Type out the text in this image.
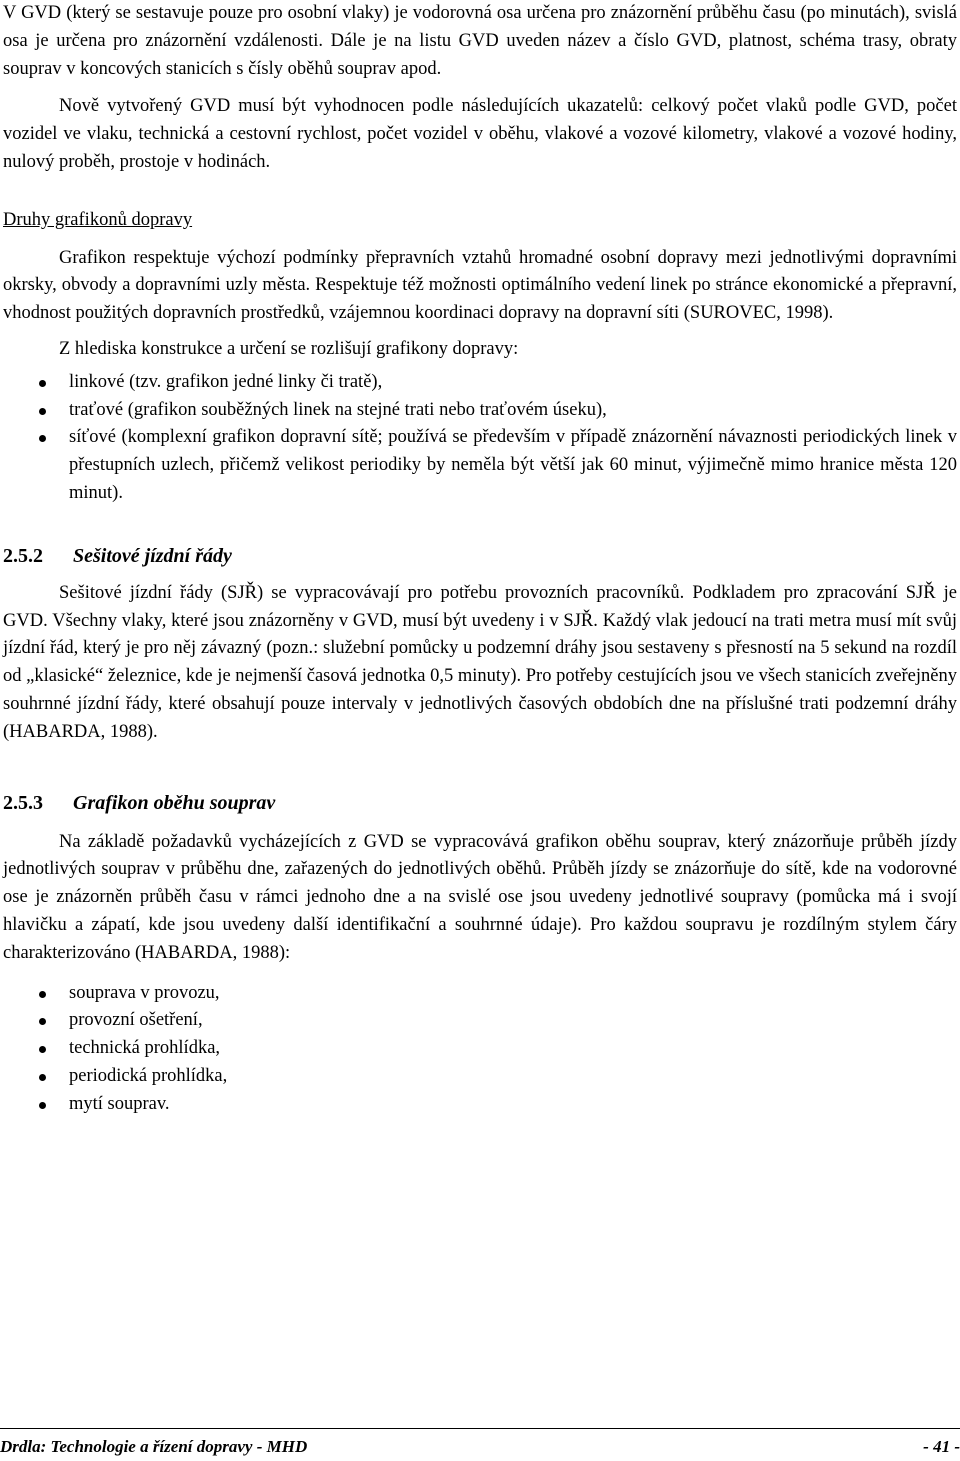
V GVD (který se sestavuje pouze pro osobní vlaky) je vodorovná osa určena pro znázornění průběhu času (po minutách), svislá osa je určena pro znázornění vzdálenosti. Dále je na listu GVD uveden název a číslo GVD, platnost, schéma trasy, obraty souprav v koncových stanicích s čísly oběhů souprav apod.

Nově vytvořený GVD musí být vyhodnocen podle následujících ukazatelů: celkový počet vlaků podle GVD, počet vozidel ve vlaku, technická a cestovní rychlost, počet vozidel v oběhu, vlakové a vozové kilometry, vlakové a vozové hodiny, nulový proběh, prostoje v hodinách.

Druhy grafikonů dopravy

Grafikon respektuje výchozí podmínky přepravních vztahů hromadné osobní dopravy mezi jednotlivými dopravními okrsky, obvody a dopravními uzly města. Respektuje též možnosti optimálního vedení linek po stránce ekonomické a přepravní, vhodnost použitých dopravních prostředků, vzájemnou koordinaci dopravy na dopravní síti (SUROVEC, 1998).

Z hlediska konstrukce a určení se rozlišují grafikony dopravy:

linkové (tzv. grafikon jedné linky či tratě),
traťové (grafikon souběžných linek na stejné trati nebo traťovém úseku),
síťové (komplexní grafikon dopravní sítě; používá se především v případě znázornění návaznosti periodických linek v přestupních uzlech, přičemž velikost periodiky by neměla být větší jak 60 minut, výjimečně mimo hranice města 120 minut).
2.5.2 Sešitové jízdní řády

Sešitové jízdní řády (SJŘ) se vypracovávají pro potřebu provozních pracovníků. Podkladem pro zpracování SJŘ je GVD. Všechny vlaky, které jsou znázorněny v GVD, musí být uvedeny i v SJŘ. Každý vlak jedoucí na trati metra musí mít svůj jízdní řád, který je pro něj závazný (pozn.: služební pomůcky u podzemní dráhy jsou sestaveny s přesností na 5 sekund na rozdíl od „klasické“ železnice, kde je nejmenší časová jednotka 0,5 minuty). Pro potřeby cestujících jsou ve všech stanicích zveřejněny souhrnné jízdní řády, které obsahují pouze intervaly v jednotlivých časových obdobích dne na příslušné trati podzemní dráhy (HABARDA, 1988).

2.5.3 Grafikon oběhu souprav

Na základě požadavků vycházejících z GVD se vypracovává grafikon oběhu souprav, který znázorňuje průběh jízdy jednotlivých souprav v průběhu dne, zařazených do jednotlivých oběhů. Průběh jízdy se znázorňuje do sítě, kde na vodorovné ose je znázorněn průběh času v rámci jednoho dne a na svislé ose jsou uvedeny jednotlivé soupravy (pomůcka má i svojí hlavičku a zápatí, kde jsou uvedeny další identifikační a souhrnné údaje). Pro každou soupravu je rozdílným stylem čáry charakterizováno (HABARDA, 1988):

souprava v provozu,
provozní ošetření,
technická prohlídka,
periodická prohlídka,
mytí souprav.
Drdla: Technologie a řízení dopravy - MHD	- 41 -
